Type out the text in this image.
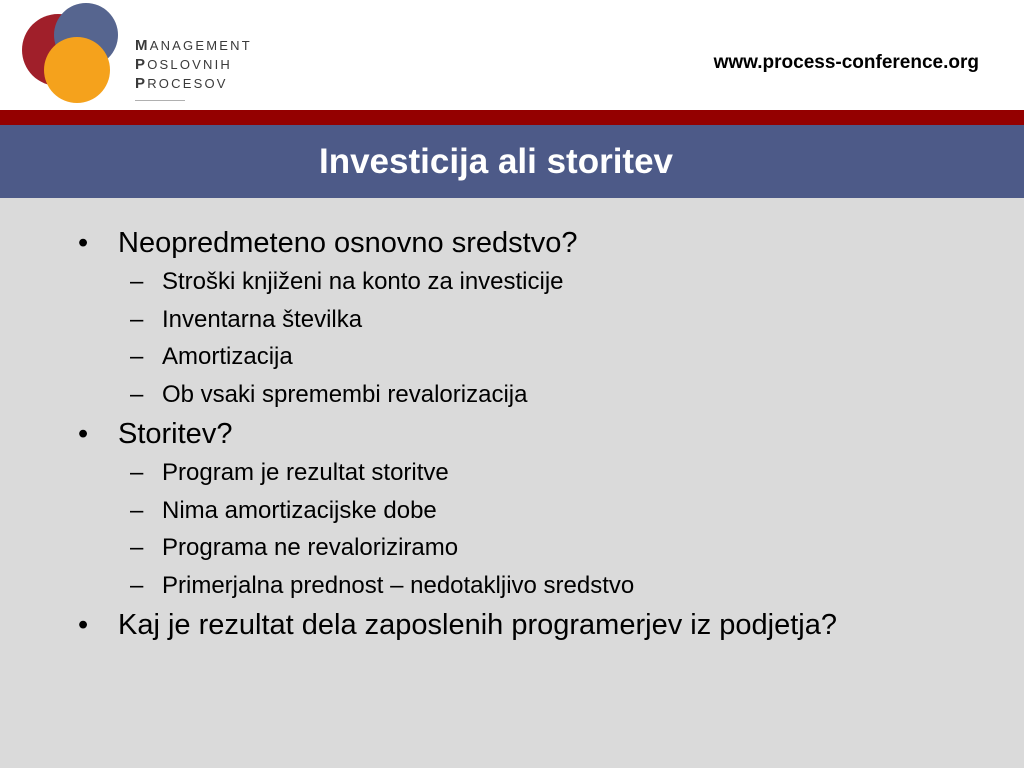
MANAGEMENT
POSLOVNIH
PROCESOV
www.process-conference.org
Investicija ali storitev
• Neopredmeteno osnovno sredstvo?
– Stroški knjiženi na konto za investicije
– Inventarna številka
– Amortizacija
– Ob vsaki spremembi revalorizacija
• Storitev?
– Program je rezultat storitve
– Nima amortizacijske dobe
– Programa ne revaloriziramo
– Primerjalna prednost – nedotakljivo sredstvo
• Kaj je rezultat dela zaposlenih programerjev iz podjetja?
